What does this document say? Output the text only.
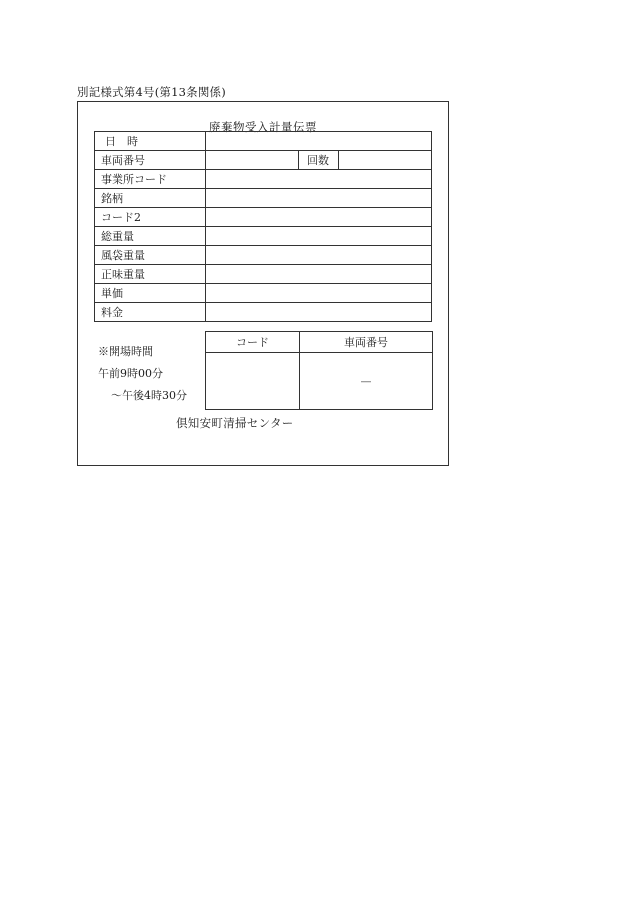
別記様式第4号(第13条関係)
廃棄物受入計量伝票
日　時			
車両番号		回数	
事業所コード			
銘柄			
コード2			
総重量			
風袋重量			
正味重量			
単価			
料金			
※開場時間
午前9時00分
～午後4時30分
コード	車両番号
	—
倶知安町清掃センター
